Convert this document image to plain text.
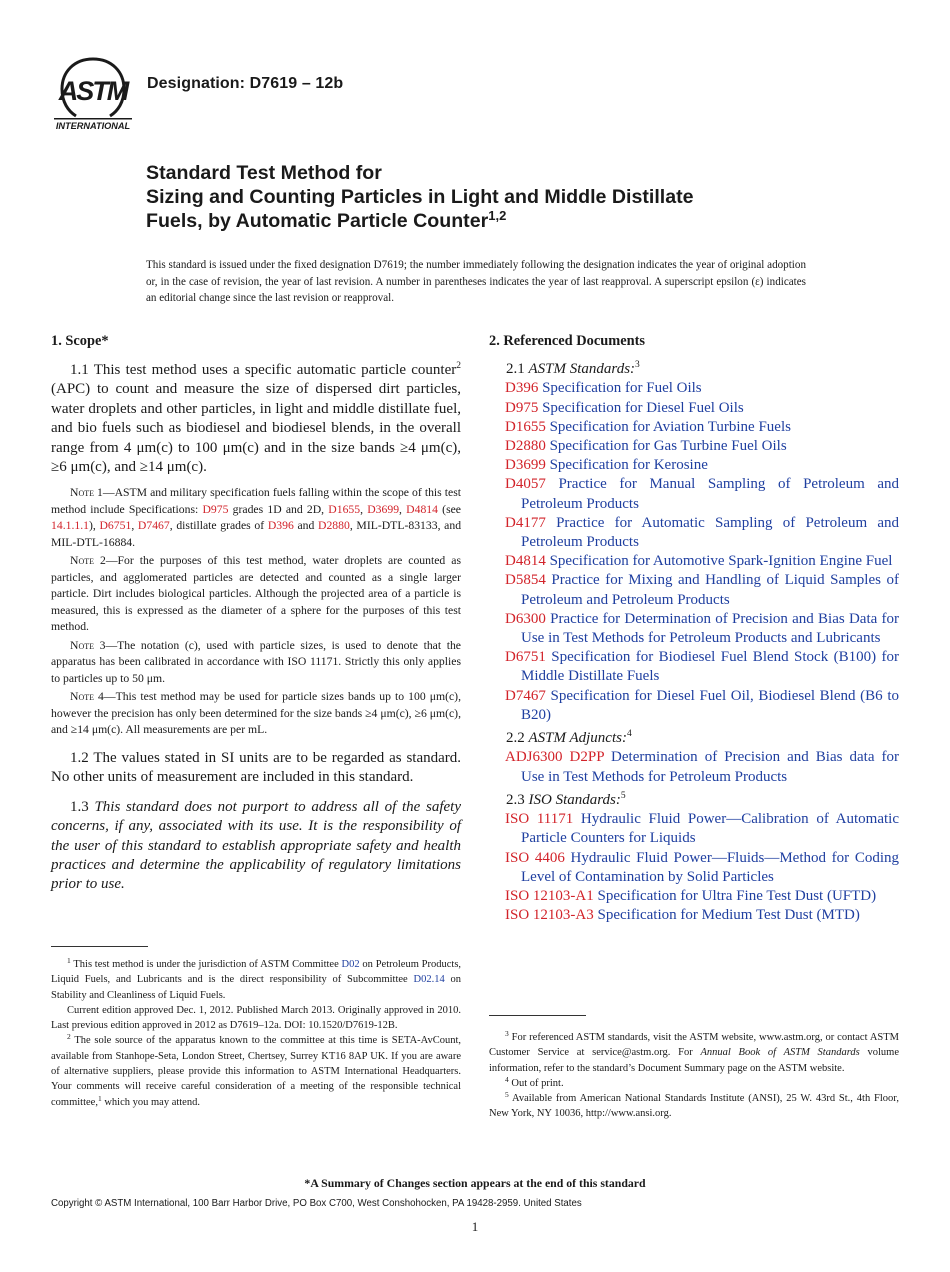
ASTM
INTERNATIONAL
Designation: D7619 – 12b
Standard Test Method for
Sizing and Counting Particles in Light and Middle Distillate
Fuels, by Automatic Particle Counter$^{1,2}$
This standard is issued under the fixed designation D7619; the number immediately following the designation indicates the year of original adoption or, in the case of revision, the year of last revision. A number in parentheses indicates the year of last reapproval. A superscript epsilon (ε) indicates an editorial change since the last revision or reapproval.
1. Scope*

1.1 This test method uses a specific automatic particle counter$^2$ (APC) to count and measure the size of dispersed dirt particles, water droplets and other particles, in light and middle distillate fuel, and bio fuels such as biodiesel and biodiesel blends, in the overall range from 4 μm(c) to 100 μm(c) and in the size bands ≥4 μm(c), ≥6 μm(c), and ≥14 μm(c).

Note 1—ASTM and military specification fuels falling within the scope of this test method include Specifications: D975 grades 1D and 2D, D1655, D3699, D4814 (see 14.1.1.1), D6751, D7467, distillate grades of D396 and D2880, MIL-DTL-83133, and MIL-DTL-16884.

Note 2—For the purposes of this test method, water droplets are counted as particles, and agglomerated particles are detected and counted as a single larger particle. Dirt includes biological particles. Although the projected area of a particle is measured, this is expressed as the diameter of a sphere for the purposes of this test method.

Note 3—The notation (c), used with particle sizes, is used to denote that the apparatus has been calibrated in accordance with ISO 11171. Strictly this only applies to particles up to 50 μm.

Note 4—This test method may be used for particle sizes bands up to 100 μm(c), however the precision has only been determined for the size bands ≥4 μm(c), ≥6 μm(c), and ≥14 μm(c). All measurements are per mL.

1.2 The values stated in SI units are to be regarded as standard. No other units of measurement are included in this standard.

1.3 This standard does not purport to address all of the safety concerns, if any, associated with its use. It is the responsibility of the user of this standard to establish appropriate safety and health practices and determine the applicability of regulatory limitations prior to use.

2. Referenced Documents

2.1 ASTM Standards:$^3$

D396 Specification for Fuel Oils

D975 Specification for Diesel Fuel Oils

D1655 Specification for Aviation Turbine Fuels

D2880 Specification for Gas Turbine Fuel Oils

D3699 Specification for Kerosine

D4057 Practice for Manual Sampling of Petroleum and Petroleum Products

D4177 Practice for Automatic Sampling of Petroleum and Petroleum Products

D4814 Specification for Automotive Spark-Ignition Engine Fuel

D5854 Practice for Mixing and Handling of Liquid Samples of Petroleum and Petroleum Products

D6300 Practice for Determination of Precision and Bias Data for Use in Test Methods for Petroleum Products and Lubricants

D6751 Specification for Biodiesel Fuel Blend Stock (B100) for Middle Distillate Fuels

D7467 Specification for Diesel Fuel Oil, Biodiesel Blend (B6 to B20)

2.2 ASTM Adjuncts:$^4$

ADJ6300 D2PP Determination of Precision and Bias data for Use in Test Methods for Petroleum Products

2.3 ISO Standards:$^5$

ISO 11171 Hydraulic Fluid Power—Calibration of Automatic Particle Counters for Liquids

ISO 4406 Hydraulic Fluid Power—Fluids—Method for Coding Level of Contamination by Solid Particles

ISO 12103-A1 Specification for Ultra Fine Test Dust (UFTD)

ISO 12103-A3 Specification for Medium Test Dust (MTD)

$^1$ This test method is under the jurisdiction of ASTM Committee D02 on Petroleum Products, Liquid Fuels, and Lubricants and is the direct responsibility of Subcommittee D02.14 on Stability and Cleanliness of Liquid Fuels.

Current edition approved Dec. 1, 2012. Published March 2013. Originally approved in 2010. Last previous edition approved in 2012 as D7619–12a. DOI: 10.1520/D7619-12B.

$^2$ The sole source of the apparatus known to the committee at this time is SETA-AvCount, available from Stanhope-Seta, London Street, Chertsey, Surrey KT16 8AP UK. If you are aware of alternative suppliers, please provide this information to ASTM International Headquarters. Your comments will receive careful consideration of a meeting of the responsible technical committee,$^1$ which you may attend.

$^3$ For referenced ASTM standards, visit the ASTM website, www.astm.org, or contact ASTM Customer Service at service@astm.org. For Annual Book of ASTM Standards volume information, refer to the standard’s Document Summary page on the ASTM website.

$^4$ Out of print.

$^5$ Available from American National Standards Institute (ANSI), 25 W. 43rd St., 4th Floor, New York, NY 10036, http://www.ansi.org.

*A Summary of Changes section appears at the end of this standard
Copyright © ASTM International, 100 Barr Harbor Drive, PO Box C700, West Conshohocken, PA 19428-2959. United States
1
